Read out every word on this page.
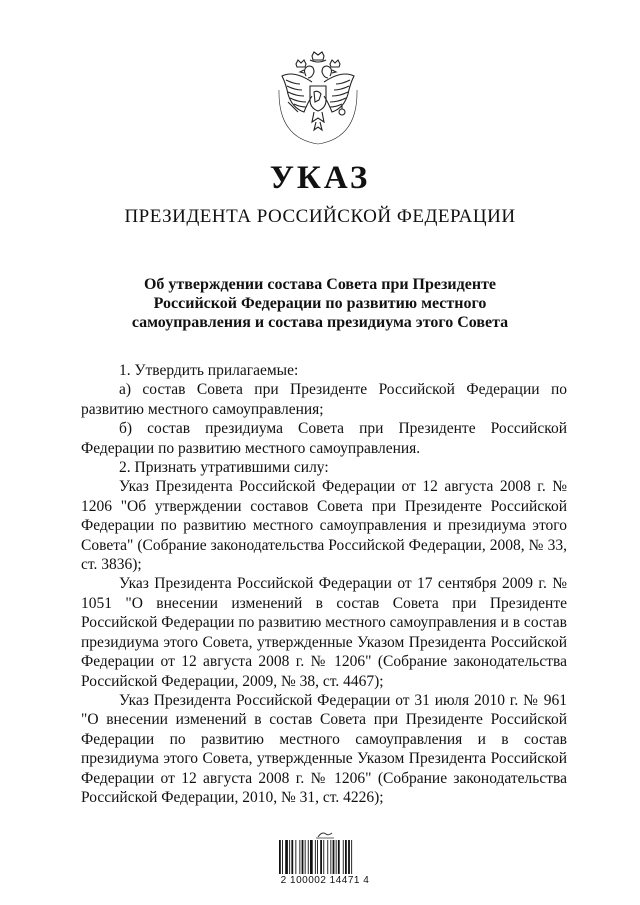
УКАЗ
ПРЕЗИДЕНТА РОССИЙСКОЙ ФЕДЕРАЦИИ
Об утверждении состава Совета при Президенте
Российской Федерации по развитию местного
самоуправления и состава президиума этого Совета

1. Утвердить прилагаемые:

а) состав Совета при Президенте Российской Федерации по развитию местного самоуправления;

б) состав президиума Совета при Президенте Российской Федерации по развитию местного самоуправления.

2. Признать утратившими силу:

Указ Президента Российской Федерации от 12 августа 2008 г. № 1206 "Об утверждении составов Совета при Президенте Российской Федерации по развитию местного самоуправления и президиума этого Совета" (Собрание законодательства Российской Федерации, 2008, № 33, ст. 3836);

Указ Президента Российской Федерации от 17 сентября 2009 г. № 1051 "О внесении изменений в состав Совета при Президенте Российской Федерации по развитию местного самоуправления и в состав президиума этого Совета, утвержденные Указом Президента Российской Федерации от 12 августа 2008 г. № 1206" (Собрание законодательства Российской Федерации, 2009, № 38, ст. 4467);

Указ Президента Российской Федерации от 31 июля 2010 г. № 961 "О внесении изменений в состав Совета при Президенте Российской Федерации по развитию местного самоуправления и в состав президиума этого Совета, утвержденные Указом Президента Российской Федерации от 12 августа 2008 г. № 1206" (Собрание законодательства Российской Федерации, 2010, № 31, ст. 4226);

2 100002 14471 4
